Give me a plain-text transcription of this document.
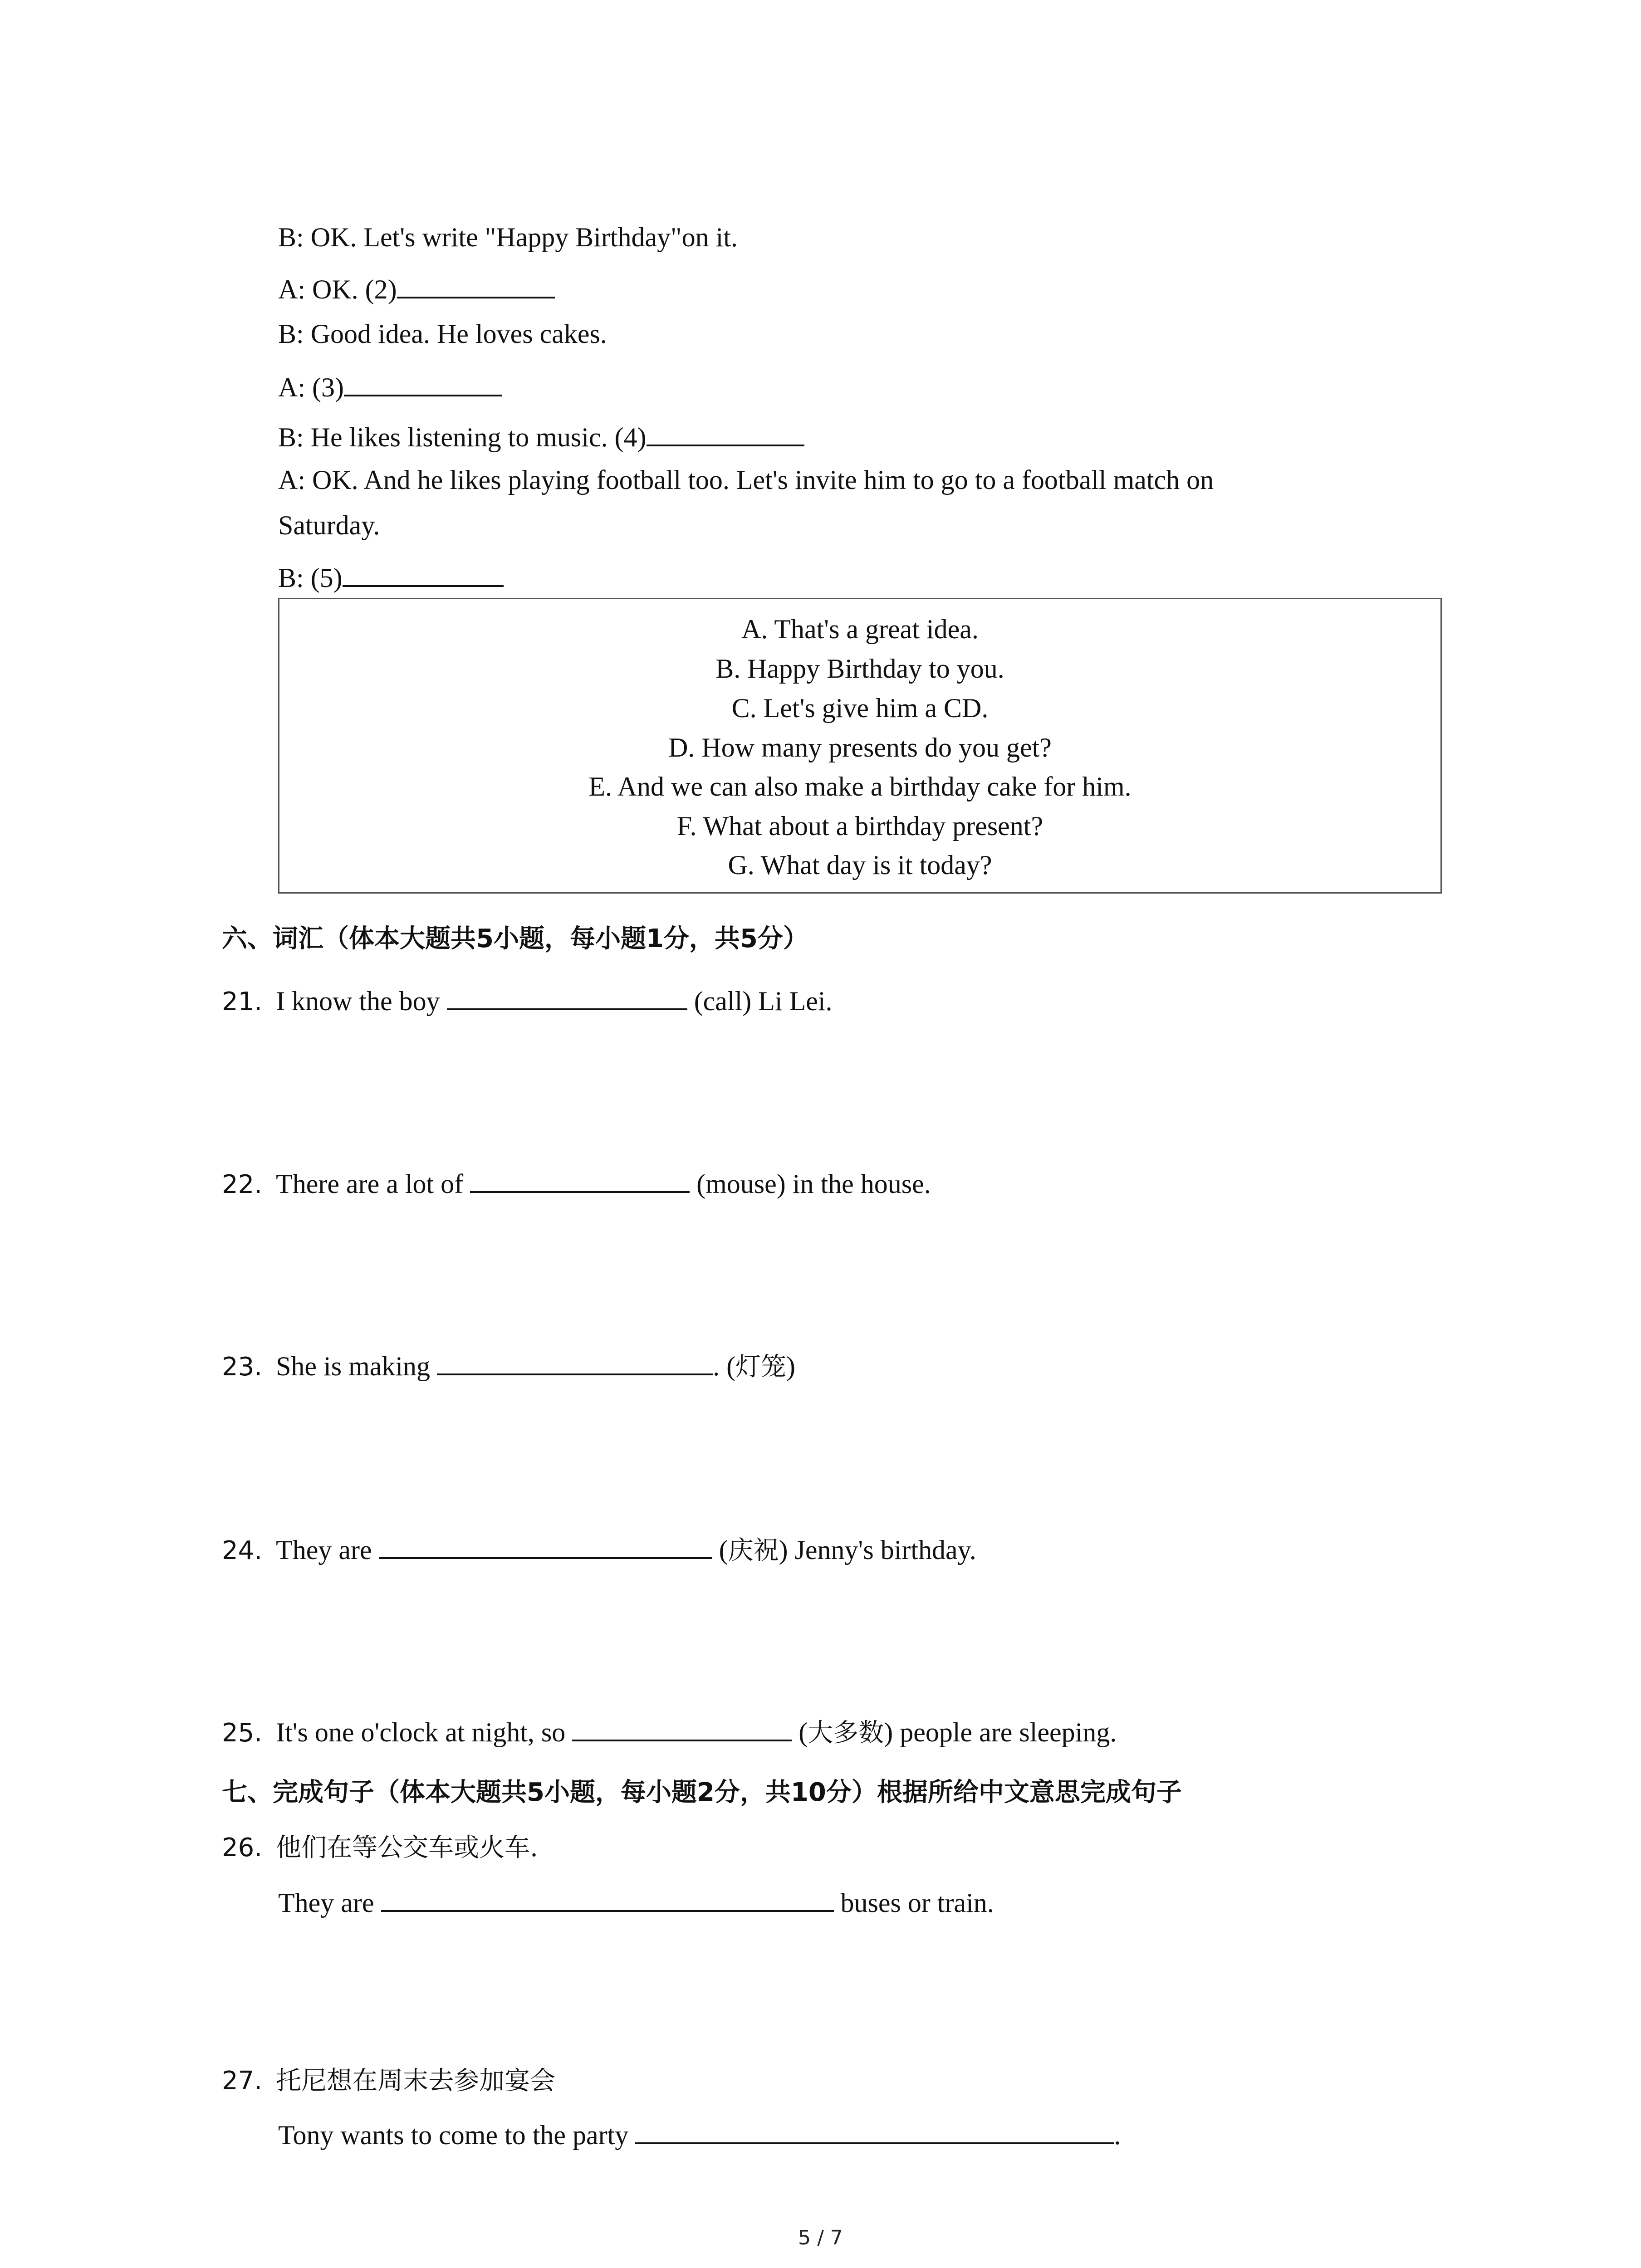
B: OK. Let's write "Happy Birthday"on it.
A: OK. (2)
B: Good idea. He loves cakes.
A: (3)
B: He likes listening to music. (4)
A: OK. And he likes playing football too. Let's invite him to go to a football match on
Saturday.
B: (5)
A. That's a great idea.
B. Happy Birthday to you.
C. Let's give him a CD.
D. How many presents do you get?
E. And we can also make a birthday cake for him.
F. What about a birthday present?
G. What day is it today?
六、词汇（体本大题共5小题，每小题1分，共5分）
21. I know the boy	(call) Li Lei.
22. There are a lot of	(mouse) in the house.
23. She is making	. (灯笼)
24. They are	(庆祝) Jenny's birthday.
25. It's one o'clock at night, so	(大多数) people are sleeping.
七、完成句子（体本大题共5小题，每小题2分，共10分）根据所给中文意思完成句子
26. 他们在等公交车或火车.
They are	buses or train.
27. 托尼想在周末去参加宴会
Tony wants to come to the party	.
5 / 7
